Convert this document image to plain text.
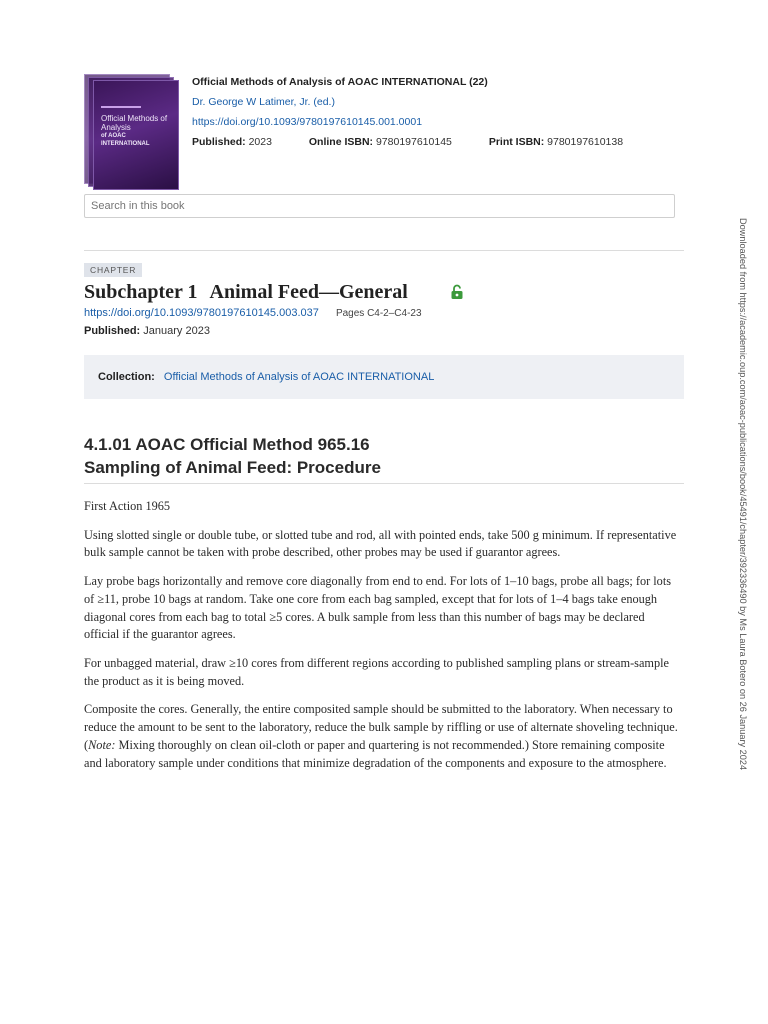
Official Methods of Analysis
of AOAC INTERNATIONAL
Official Methods of Analysis of AOAC INTERNATIONAL (22)
Dr. George W Latimer, Jr. (ed.)
https://doi.org/10.1093/9780197610145.001.0001
Published: 2023	Online ISBN: 9780197610145	Print ISBN: 9780197610138
Search in this book
CHAPTER
Subchapter 1 Animal Feed—General
https://doi.org/10.1093/9780197610145.003.037 Pages C4-2–C4-23
Published: January 2023
Collection: Official Methods of Analysis of AOAC INTERNATIONAL
4.1.01 AOAC Official Method 965.16
Sampling of Animal Feed: Procedure

First Action 1965

Using slotted single or double tube, or slotted tube and rod, all with pointed ends, take 500 g minimum. If representative bulk sample cannot be taken with probe described, other probes may be used if guarantor agrees.

Lay probe bags horizontally and remove core diagonally from end to end. For lots of 1–10 bags, probe all bags; for lots of ≥11, probe 10 bags at random. Take one core from each bag sampled, except that for lots of 1–4 bags take enough diagonal cores from each bag to total ≥5 cores. A bulk sample from less than this number of bags may be declared official if the guarantor agrees.

For unbagged material, draw ≥10 cores from different regions according to published sampling plans or stream-sample the product as it is being moved.

Composite the cores. Generally, the entire composited sample should be submitted to the laboratory. When necessary to reduce the amount to be sent to the laboratory, reduce the bulk sample by riffling or use of alternate shoveling technique. (Note: Mixing thoroughly on clean oil-cloth or paper and quartering is not recommended.) Store remaining composite and laboratory sample under conditions that minimize degradation of the components and exposure to the atmosphere.	Downloaded from https://academic.oup.com/aoac-publications/book/45491/chapter/392336490 by Ms Laura Botero on 26 January 2024
